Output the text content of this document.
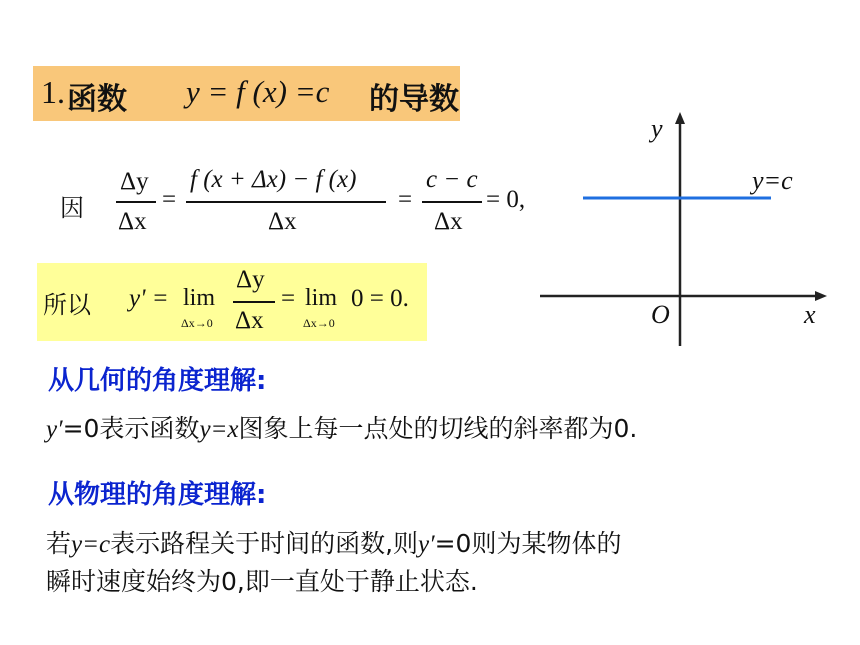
1. 函数 y = f (x) =c 的导数
因
Δy
Δx
=
f (x + Δx) − f (x)
Δx
=
c − c
Δx
= 0,
所以 y' = lim
Δx→0
Δy
Δx
= lim
Δx→0
0 = 0.
y
y=c
O	x
从几何的角度理解:
y′=0表示函数y=x图象上每一点处的切线的斜率都为0.
从物理的角度理解:
若y=c表示路程关于时间的函数,则y′=0则为某物体的
瞬时速度始终为0,即一直处于静止状态.
